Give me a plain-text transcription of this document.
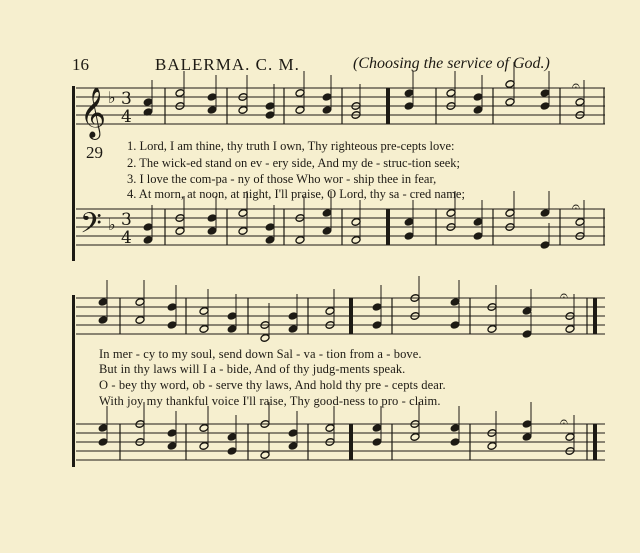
16	BALERMA. C. M.	(Choosing the service of God.)
𝄞 ♭ 3
4
𝄢 ♭ 3
4
𝄐
𝄐
𝄐
𝄐
29 1. Lord, I am thine, thy truth I own, Thy righteous pre-cepts love:
2. The wick-ed stand on ev - ery side, And my de - struc-tion seek;
3. I love the com-pa - ny of those Who wor - ship thee in fear,
4. At morn, at noon, at night, I'll praise, O Lord, thy sa - cred name;
In mer - cy to my soul, send down Sal - va - tion from a - bove.
But in thy laws will I a - bide, And of thy judg-ments speak.
O - bey thy word, ob - serve thy laws, And hold thy pre - cepts dear.
With joy my thankful voice I'll raise, Thy good-ness to pro - claim.
